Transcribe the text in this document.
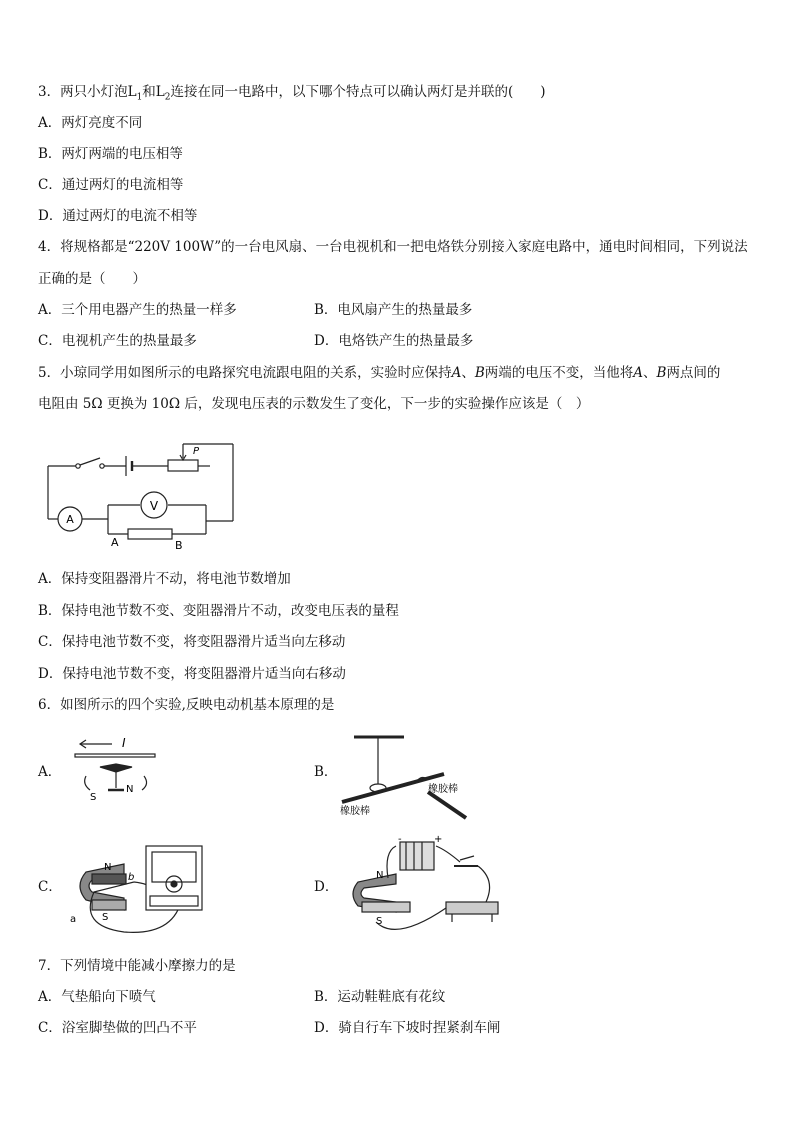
3．两只小灯泡$L_1$和$L_2$连接在同一电路中，以下哪个特点可以确认两灯是并联的(　　)
A．两灯亮度不同
B．两灯两端的电压相等
C．通过两灯的电流相等
D．通过两灯的电流不相等
4．将规格都是“220V 100W”的一台电风扇、一台电视机和一把电烙铁分别接入家庭电路中，通电时间相同，下列说法
正确的是（　　）
A．三个用电器产生的热量一样多	B．电风扇产生的热量最多
C．电视机产生的热量最多	D．电烙铁产生的热量最多
5．小琼同学用如图所示的电路探究电流跟电阻的关系，实验时应保持A、B两端的电压不变，当他将A、B两点间的
电阻由 5Ω 更换为 10Ω 后，发现电压表的示数发生了变化，下一步的实验操作应该是（　）
P
A
V
A	B
A．保持变阻器滑片不动，将电池节数增加
B．保持电池节数不变、变阻器滑片不动，改变电压表的量程
C．保持电池节数不变，将变阻器滑片适当向左移动
D．保持电池节数不变，将变阻器滑片适当向右移动
6．如图所示的四个实验,反映电动机基本原理的是
A．
I
S
N
B．
橡胶棒
橡胶棒
C．
N
S
a
b
D．
N
S
-	+
7．下列情境中能减小摩擦力的是
A．气垫船向下喷气	B．运动鞋鞋底有花纹
C．浴室脚垫做的凹凸不平	D．骑自行车下坡时捏紧刹车闸
